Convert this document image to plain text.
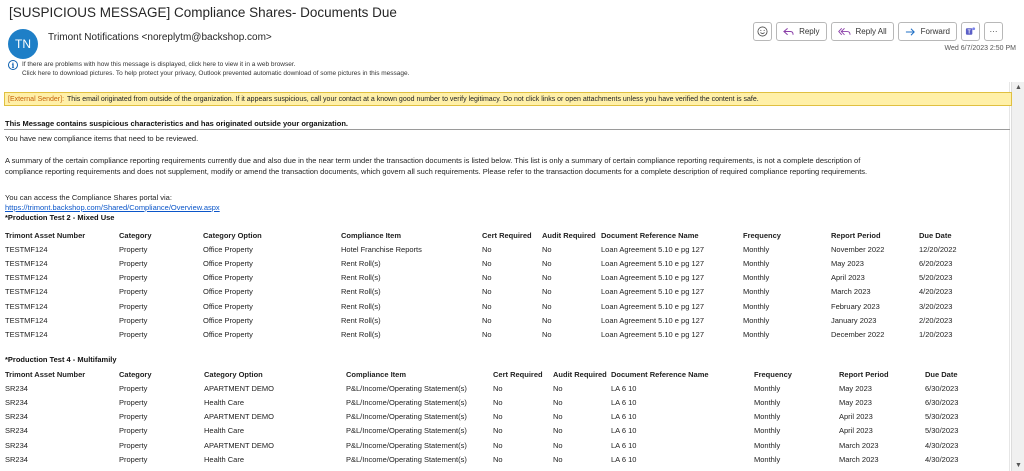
[SUSPICIOUS MESSAGE] Compliance Shares- Documents Due
TN	Trimont Notifications <noreplytm@backshop.com>
i	If there are problems with how this message is displayed, click here to view it in a web browser.
Click here to download pictures. To help protect your privacy, Outlook prevented automatic download of some pictures in this message.
Reply	Reply All	Forward	T ···
Wed 6/7/2023 2:50 PM
▲
▼
[External Sender]: This email originated from outside of the organization. If it appears suspicious, call your contact at a known good number to verify legitimacy. Do not click links or open attachments unless you have verified the content is safe.
This Message contains suspicious characteristics and has originated outside your organization.
You have new compliance items that need to be reviewed.
A summary of the certain compliance reporting requirements currently due and also due in the near term under the transaction documents is listed below. This list is only a summary of certain compliance reporting requirements, is not a complete description of
compliance reporting requirements and does not supplement, modify or amend the transaction documents, which govern all such requirements. Please refer to the transaction documents for a complete description of required compliance reporting requirements.
You can access the Compliance Shares portal via:
https://trimont.backshop.com/Shared/Compliance/Overview.aspx
*Production Test 2 - Mixed Use
Trimont Asset Number	Category	Category Option	Compliance Item	Cert Required	Audit Required	Document Reference Name	Frequency	Report Period	Due Date
TESTMF124	Property	Office Property	Hotel Franchise Reports	No	No	Loan Agreement 5.10 e pg 127	Monthly	November 2022	12/20/2022
TESTMF124	Property	Office Property	Rent Roll(s)	No	No	Loan Agreement 5.10 e pg 127	Monthly	May 2023	6/20/2023
TESTMF124	Property	Office Property	Rent Roll(s)	No	No	Loan Agreement 5.10 e pg 127	Monthly	April 2023	5/20/2023
TESTMF124	Property	Office Property	Rent Roll(s)	No	No	Loan Agreement 5.10 e pg 127	Monthly	March 2023	4/20/2023
TESTMF124	Property	Office Property	Rent Roll(s)	No	No	Loan Agreement 5.10 e pg 127	Monthly	February 2023	3/20/2023
TESTMF124	Property	Office Property	Rent Roll(s)	No	No	Loan Agreement 5.10 e pg 127	Monthly	January 2023	2/20/2023
TESTMF124	Property	Office Property	Rent Roll(s)	No	No	Loan Agreement 5.10 e pg 127	Monthly	December 2022	1/20/2023
*Production Test 4 - Multifamily
Trimont Asset Number	Category	Category Option	Compliance Item	Cert Required	Audit Required	Document Reference Name	Frequency	Report Period	Due Date
SR234	Property	APARTMENT DEMO	P&L/Income/Operating Statement(s)	No	No	LA 6 10	Monthly	May 2023	6/30/2023
SR234	Property	Health Care	P&L/Income/Operating Statement(s)	No	No	LA 6 10	Monthly	May 2023	6/30/2023
SR234	Property	APARTMENT DEMO	P&L/Income/Operating Statement(s)	No	No	LA 6 10	Monthly	April 2023	5/30/2023
SR234	Property	Health Care	P&L/Income/Operating Statement(s)	No	No	LA 6 10	Monthly	April 2023	5/30/2023
SR234	Property	APARTMENT DEMO	P&L/Income/Operating Statement(s)	No	No	LA 6 10	Monthly	March 2023	4/30/2023
SR234	Property	Health Care	P&L/Income/Operating Statement(s)	No	No	LA 6 10	Monthly	March 2023	4/30/2023
